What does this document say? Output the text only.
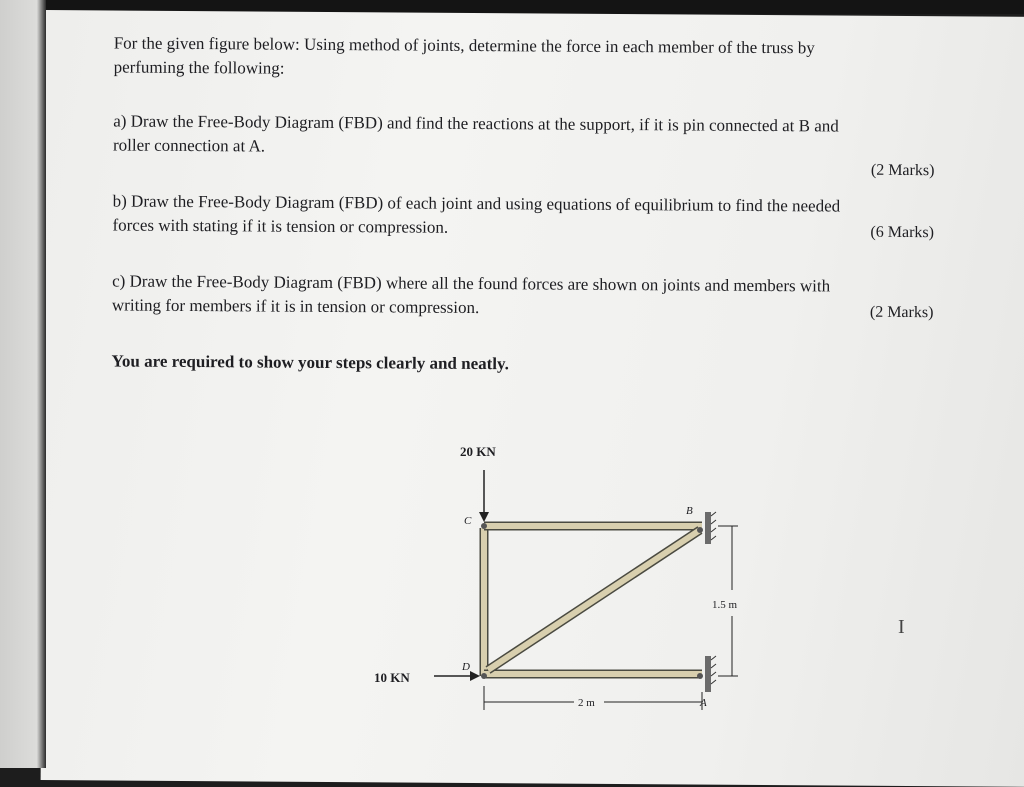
For the given figure below: Using method of joints, determine the force in each member of the truss by
perfuming the following:
a) Draw the Free-Body Diagram (FBD) and find the reactions at the support, if it is pin connected at B and
roller connection at A.
(2 Marks)
b) Draw the Free-Body Diagram (FBD) of each joint and using equations of equilibrium to find the needed
forces with stating if it is tension or compression.	(6 Marks)
c) Draw the Free-Body Diagram (FBD) where all the found forces are shown on joints and members with
writing for members if it is in tension or compression.	(2 Marks)
You are required to show your steps clearly and neatly.
20 KN
10 KN
C
B
D
A
1.5 m
2 m
I
